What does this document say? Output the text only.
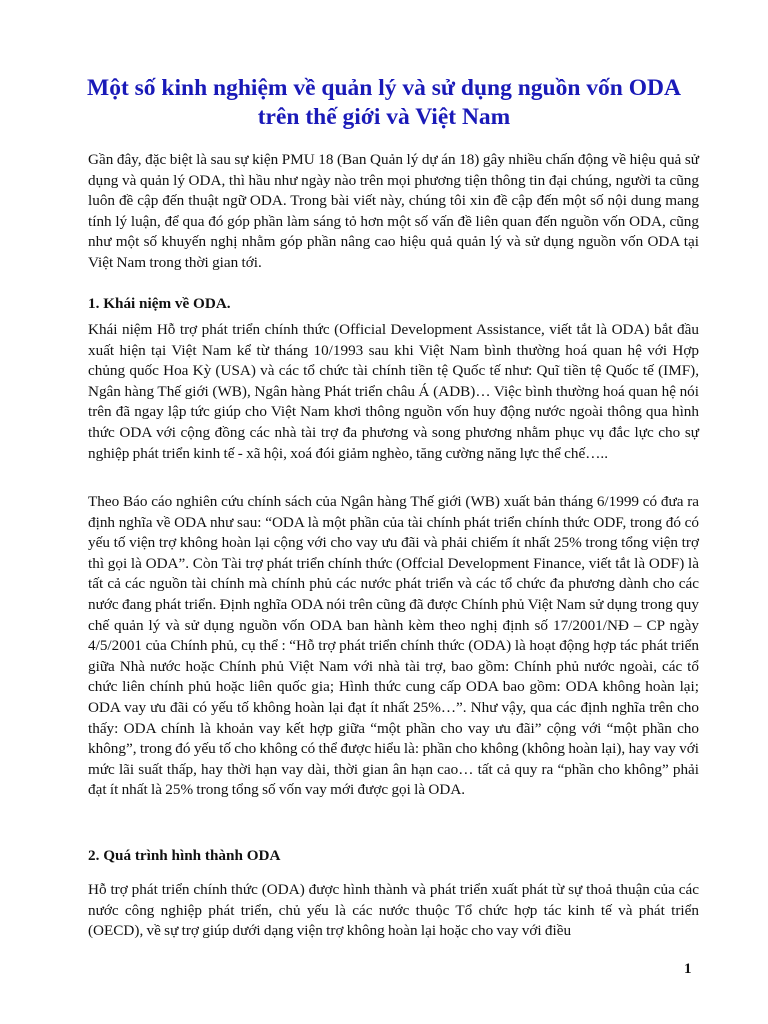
Một số kinh nghiệm về quản lý và sử dụng nguồn vốn ODA trên thế giới và Việt Nam

Gần đây, đặc biệt là sau sự kiện PMU 18 (Ban Quản lý dự án 18) gây nhiều chấn động về hiệu quả sử dụng và quản lý ODA, thì hầu như ngày nào trên mọi phương tiện thông tin đại chúng, người ta cũng luôn đề cập đến thuật ngữ ODA. Trong bài viết này, chúng tôi xin đề cập đến một số nội dung mang tính lý luận, để qua đó góp phần làm sáng tỏ hơn một số vấn đề liên quan đến nguồn vốn ODA, cũng như một số khuyến nghị nhằm góp phần nâng cao hiệu quả quản lý và sử dụng nguồn vốn ODA tại Việt Nam trong thời gian tới.

1. Khái niệm về ODA.

Khái niệm Hỗ trợ phát triển chính thức (Official Development Assistance, viết tắt là ODA) bắt đầu xuất hiện tại Việt Nam kể từ tháng 10/1993 sau khi Việt Nam bình thường hoá quan hệ với Hợp chủng quốc Hoa Kỳ (USA) và các tổ chức tài chính tiền tệ Quốc tế như: Quĩ tiền tệ Quốc tế (IMF), Ngân hàng Thế giới (WB), Ngân hàng Phát triển châu Á (ADB)… Việc bình thường hoá quan hệ nói trên đã ngay lập tức giúp cho Việt Nam khơi thông nguồn vốn huy động nước ngoài thông qua hình thức ODA với cộng đồng các nhà tài trợ đa phương và song phương nhằm phục vụ đắc lực cho sự nghiệp phát triển kinh tế - xã hội, xoá đói giảm nghèo, tăng cường năng lực thể chế…..

Theo Báo cáo nghiên cứu chính sách của Ngân hàng Thế giới (WB) xuất bản tháng 6/1999 có đưa ra định nghĩa về ODA như sau: “ODA là một phần của tài chính phát triển chính thức ODF, trong đó có yếu tố viện trợ không hoàn lại cộng với cho vay ưu đãi và phải chiếm ít nhất 25% trong tổng viện trợ thì gọi là ODA”. Còn Tài trợ phát triển chính thức (Offcial Development Finance, viết tắt là ODF) là tất cả các nguồn tài chính mà chính phủ các nước phát triển và các tổ chức đa phương dành cho các nước đang phát triển. Định nghĩa ODA nói trên cũng đã được Chính phủ Việt Nam sử dụng trong quy chế quản lý và sử dụng nguồn vốn ODA ban hành kèm theo nghị định số 17/2001/NĐ – CP ngày 4/5/2001 của Chính phủ, cụ thể : “Hỗ trợ phát triển chính thức (ODA) là hoạt động hợp tác phát triển giữa Nhà nước hoặc Chính phủ Việt Nam với nhà tài trợ, bao gồm: Chính phủ nước ngoài, các tổ chức liên chính phủ hoặc liên quốc gia; Hình thức cung cấp ODA bao gồm: ODA không hoàn lại; ODA vay ưu đãi có yếu tố không hoàn lại đạt ít nhất 25%…”. Như vậy, qua các định nghĩa trên cho thấy: ODA chính là khoản vay kết hợp giữa “một phần cho vay ưu đãi” cộng với “một phần cho không”, trong đó yếu tố cho không có thể được hiểu là: phần cho không (không hoàn lại), hay vay với mức lãi suất thấp, hay thời hạn vay dài, thời gian ân hạn cao… tất cả quy ra “phần cho không” phải đạt ít nhất là 25% trong tổng số vốn vay mới được gọi là ODA.

2. Quá trình hình thành ODA

Hỗ trợ phát triển chính thức (ODA) được hình thành và phát triển xuất phát từ sự thoả thuận của các nước công nghiệp phát triển, chủ yếu là các nước thuộc Tổ chức hợp tác kinh tế và phát triển (OECD), về sự trợ giúp dưới dạng viện trợ không hoàn lại hoặc cho vay với điều

1
